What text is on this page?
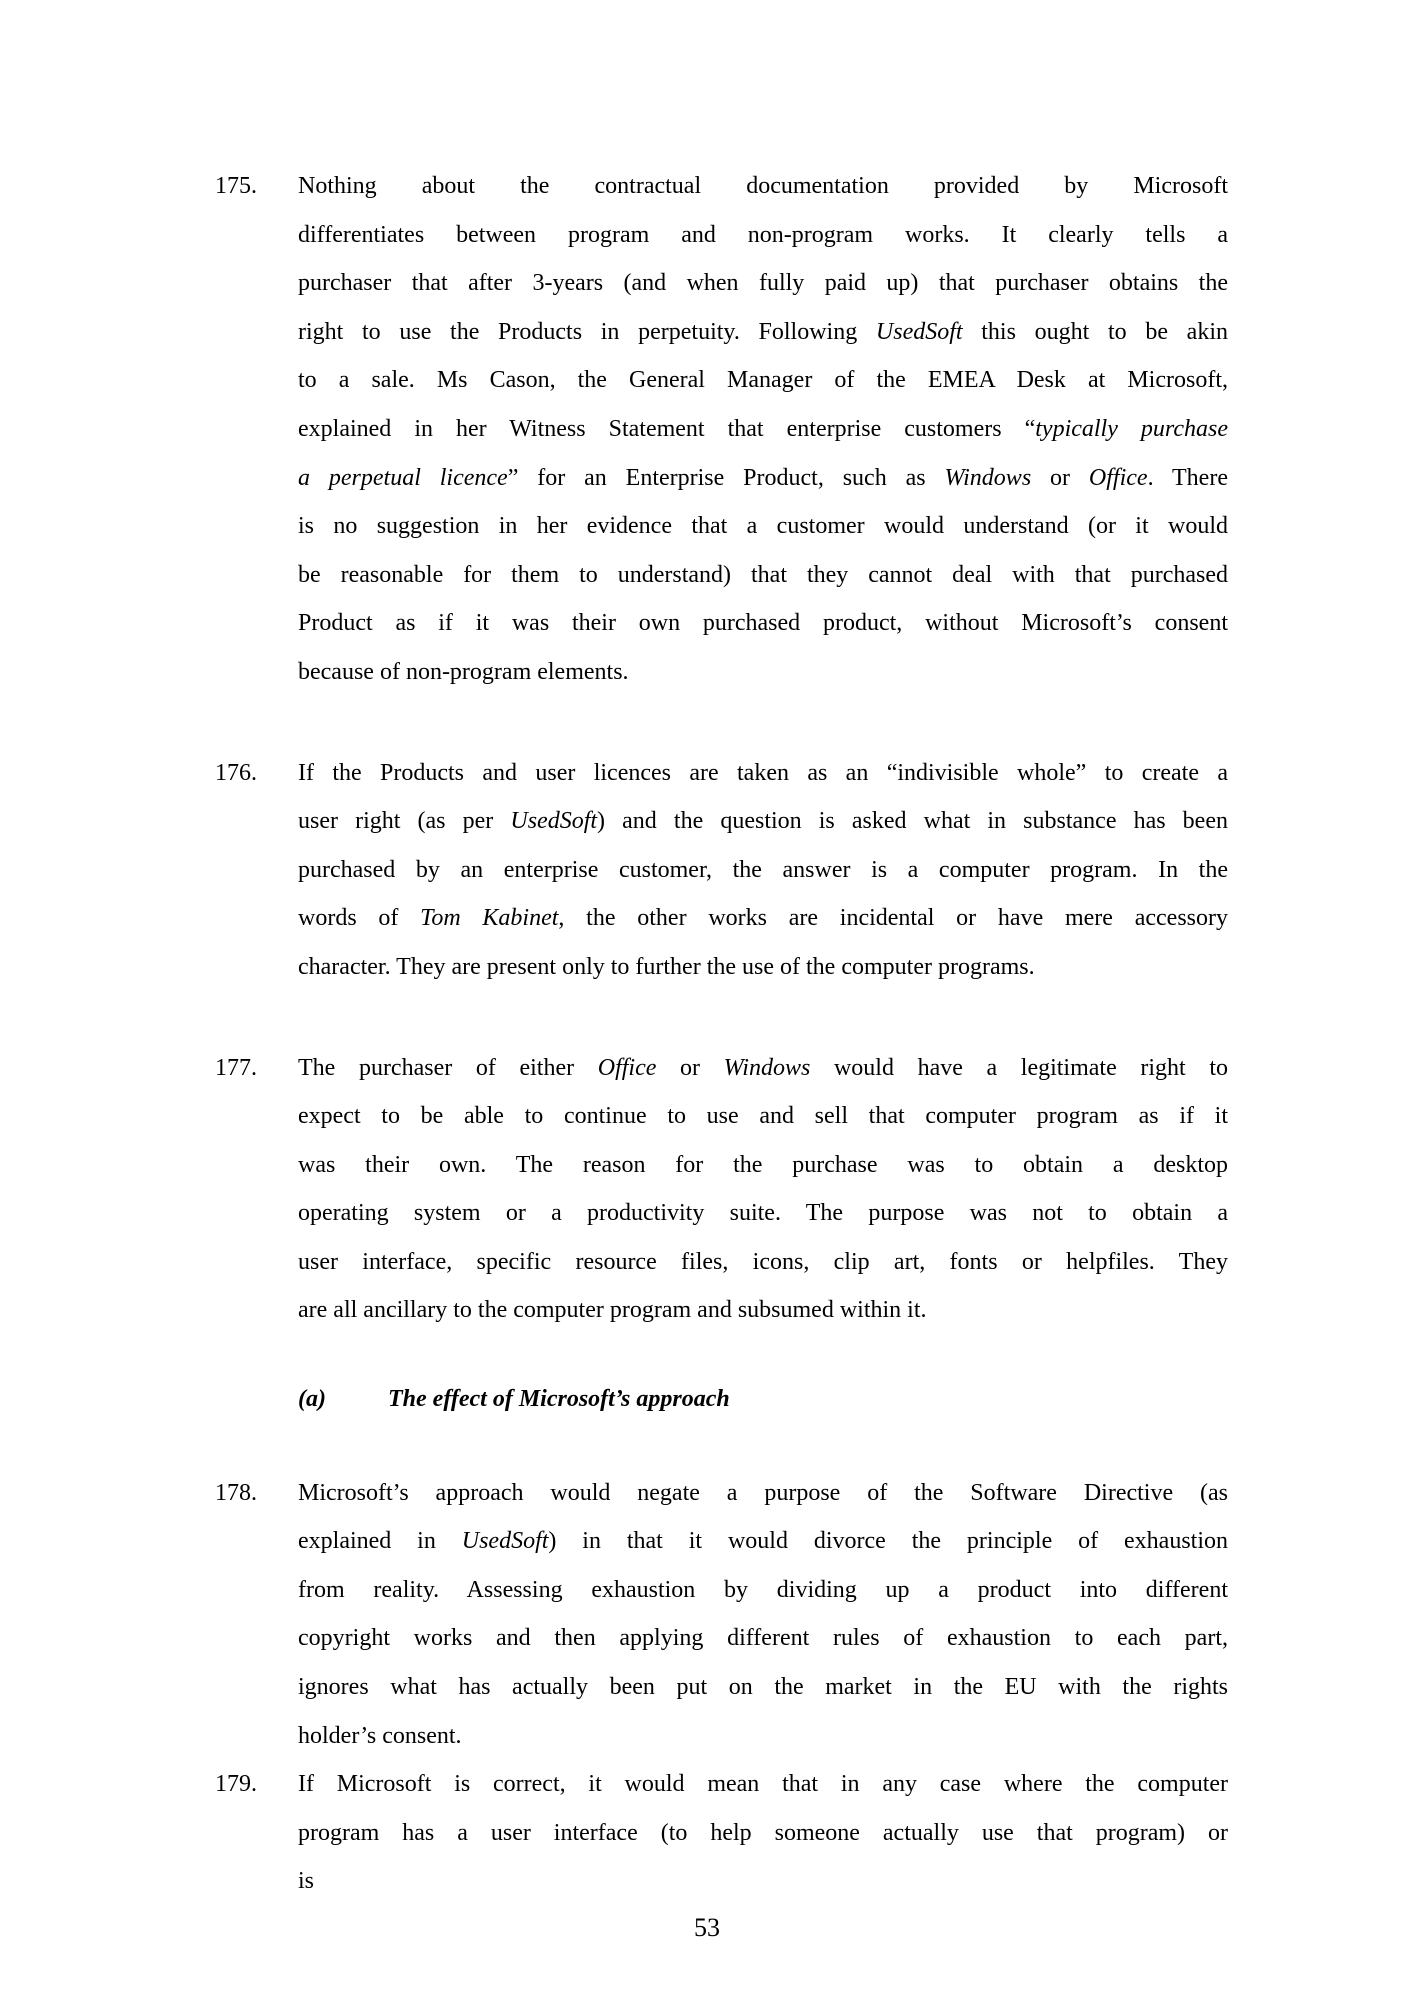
175.	Nothing about the contractual documentation provided by Microsoft
differentiates between program and non-program works. It clearly tells a
purchaser that after 3-years (and when fully paid up) that purchaser obtains the
right to use the Products in perpetuity. Following UsedSoft this ought to be akin
to a sale. Ms Cason, the General Manager of the EMEA Desk at Microsoft,
explained in her Witness Statement that enterprise customers “typically purchase
a perpetual licence” for an Enterprise Product, such as Windows or Office. There
is no suggestion in her evidence that a customer would understand (or it would
be reasonable for them to understand) that they cannot deal with that purchased
Product as if it was their own purchased product, without Microsoft’s consent
because of non-program elements.
176.	If the Products and user licences are taken as an “indivisible whole” to create a
user right (as per UsedSoft) and the question is asked what in substance has been
purchased by an enterprise customer, the answer is a computer program. In the
words of Tom Kabinet, the other works are incidental or have mere accessory
character. They are present only to further the use of the computer programs.
177.	The purchaser of either Office or Windows would have a legitimate right to
expect to be able to continue to use and sell that computer program as if it
was their own. The reason for the purchase was to obtain a desktop
operating system or a productivity suite. The purpose was not to obtain a
user interface, specific resource files, icons, clip art, fonts or helpfiles. They
are all ancillary to the computer program and subsumed within it.
(a)	The effect of Microsoft’s approach
178.	Microsoft’s approach would negate a purpose of the Software Directive (as
explained in UsedSoft) in that it would divorce the principle of exhaustion
from reality. Assessing exhaustion by dividing up a product into different
copyright works and then applying different rules of exhaustion to each part,
ignores what has actually been put on the market in the EU with the rights
holder’s consent.
179.	If Microsoft is correct, it would mean that in any case where the computer
program has a user interface (to help someone actually use that program) or
is
53
